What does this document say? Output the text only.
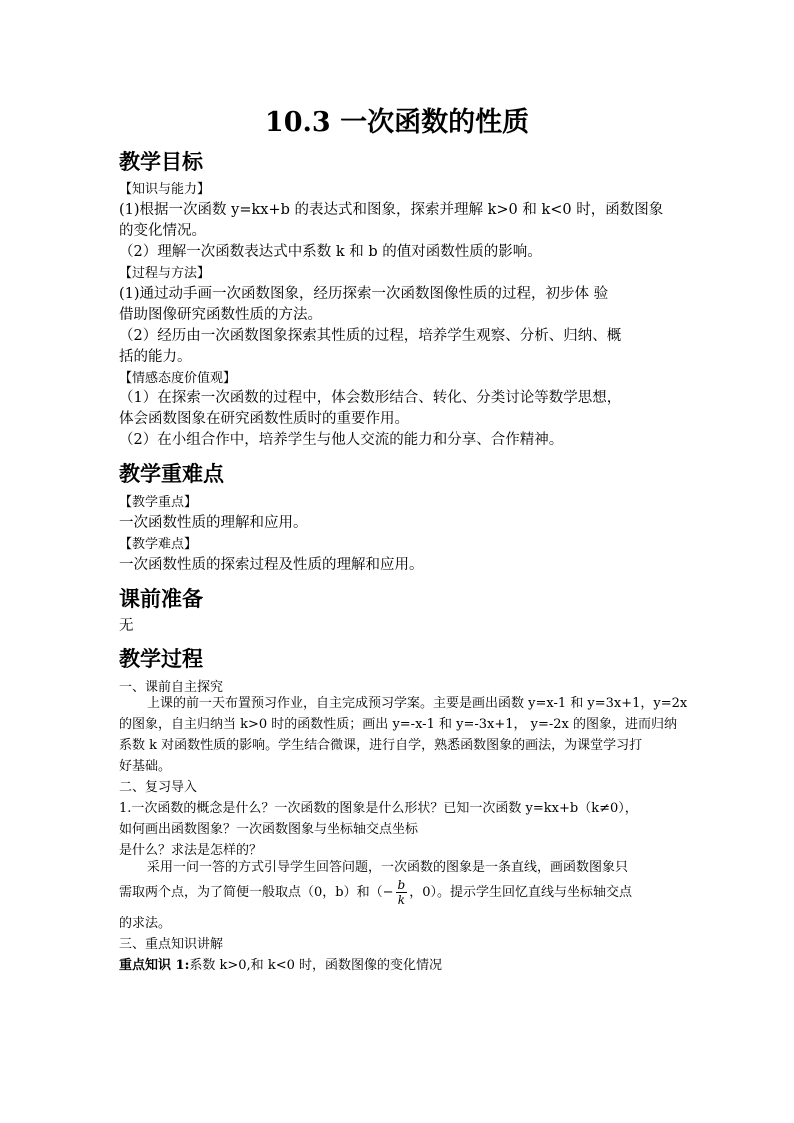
10.3 一次函数的性质
教学目标
【知识与能力】
(1)根据一次函数 y=kx+b 的表达式和图象，探索并理解 k>0 和 k<0 时，函数图象
的变化情况。
（2）理解一次函数表达式中系数 k 和 b 的值对函数性质的影响。
【过程与方法】
(1)通过动手画一次函数图象，经历探索一次函数图像性质的过程，初步体 验
借助图像研究函数性质的方法。
（2）经历由一次函数图象探索其性质的过程，培养学生观察、分析、归纳、概
括的能力。
【情感态度价值观】
（1）在探索一次函数的过程中，体会数形结合、转化、分类讨论等数学思想，
体会函数图象在研究函数性质时的重要作用。
（2）在小组合作中，培养学生与他人交流的能力和分享、合作精神。
教学重难点
【教学重点】
一次函数性质的理解和应用。
【教学难点】
一次函数性质的探索过程及性质的理解和应用。
课前准备
无
教学过程
一、课前自主探究
上课的前一天布置预习作业，自主完成预习学案。主要是画出函数 y=x-1 和 y=3x+1，y=2x
的图象，自主归纳当 k>0 时的函数性质；画出 y=-x-1 和 y=-3x+1， y=-2x 的图象，进而归纳
系数 k 对函数性质的影响。学生结合微课，进行自学，熟悉函数图象的画法，为课堂学习打
好基础。
二、复习导入
1.一次函数的概念是什么？一次函数的图象是什么形状？已知一次函数 y=kx+b（k≠0），
如何画出函数图象？一次函数图象与坐标轴交点坐标
是什么？求法是怎样的？
采用一问一答的方式引导学生回答问题，一次函数的图象是一条直线，画函数图象只
需取两个点，为了简便一般取点（0，b）和（− $\frac{b}{k}$ ，0）。提示学生回忆直线与坐标轴交点
的求法。
三、重点知识讲解
重点知识 1:系数 k>0,和 k<0 时，函数图像的变化情况
